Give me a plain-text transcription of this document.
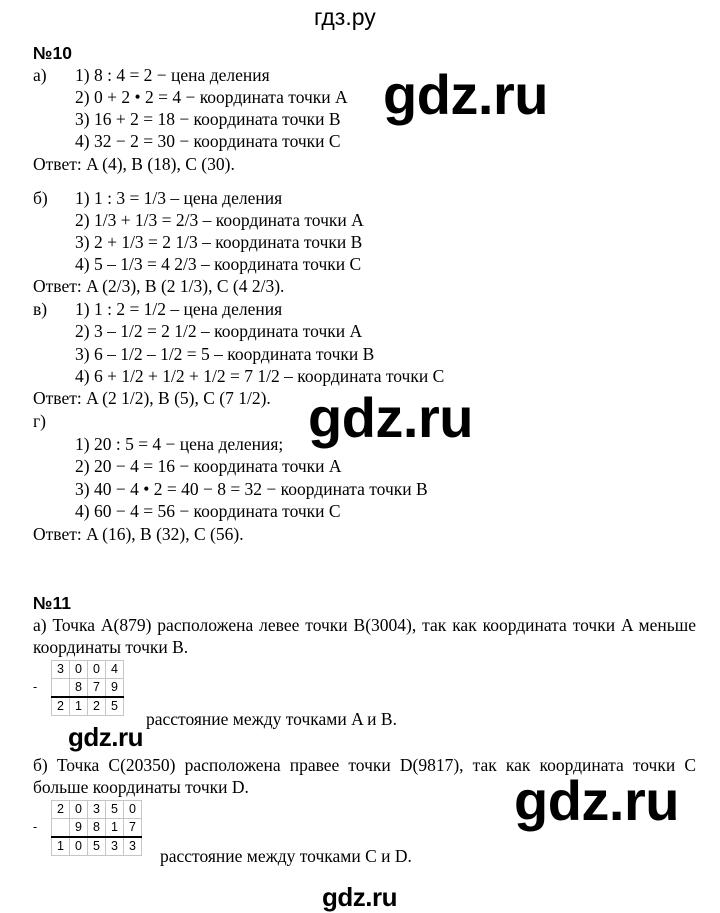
гдз.ру
gdz.ru
gdz.ru
gdz.ru
gdz.ru
gdz.ru
№10
а) 1) 8 : 4 = 2 − цена деления
2) 0 + 2 • 2 = 4 − координата точки A
3) 16 + 2 = 18 − координата точки B
4) 32 − 2 = 30 − координата точки C
Ответ: A (4), B (18), C (30).
б) 1) 1 : 3 = 1/3 – цена деления
2) 1/3 + 1/3 = 2/3 – координата точки A
3) 2 + 1/3 = 2 1/3 – координата точки B
4) 5 – 1/3 = 4 2/3 – координата точки C
Ответ: A (2/3), B (2 1/3), C (4 2/3).
в) 1) 1 : 2 = 1/2 – цена деления
2) 3 – 1/2 = 2 1/2 – координата точки A
3) 6 – 1/2 – 1/2 = 5 – координата точки B
4) 6 + 1/2 + 1/2 + 1/2 = 7 1/2 – координата точки C
Ответ: A (2 1/2), B (5), C (7 1/2).
г)
1) 20 : 5 = 4 − цена деления;
2) 20 − 4 = 16 − координата точки A
3) 40 − 4 • 2 = 40 − 8 = 32 − координата точки B
4) 60 − 4 = 56 − координата точки C
Ответ: A (16), B (32), C (56).
№11
а) Точка A(879) расположена левее точки B(3004), так как координата точки A меньше координаты точки B.
	3	0	0	4
-		8	7	9
	2	1	2	5
расстояние между точками A и B.
б) Точка C(20350) расположена правее точки D(9817), так как координата точки C больше координаты точки D.
	2	0	3	5	0
-		9	8	1	7
	1	0	5	3	3 расстояние между точками C и D.
